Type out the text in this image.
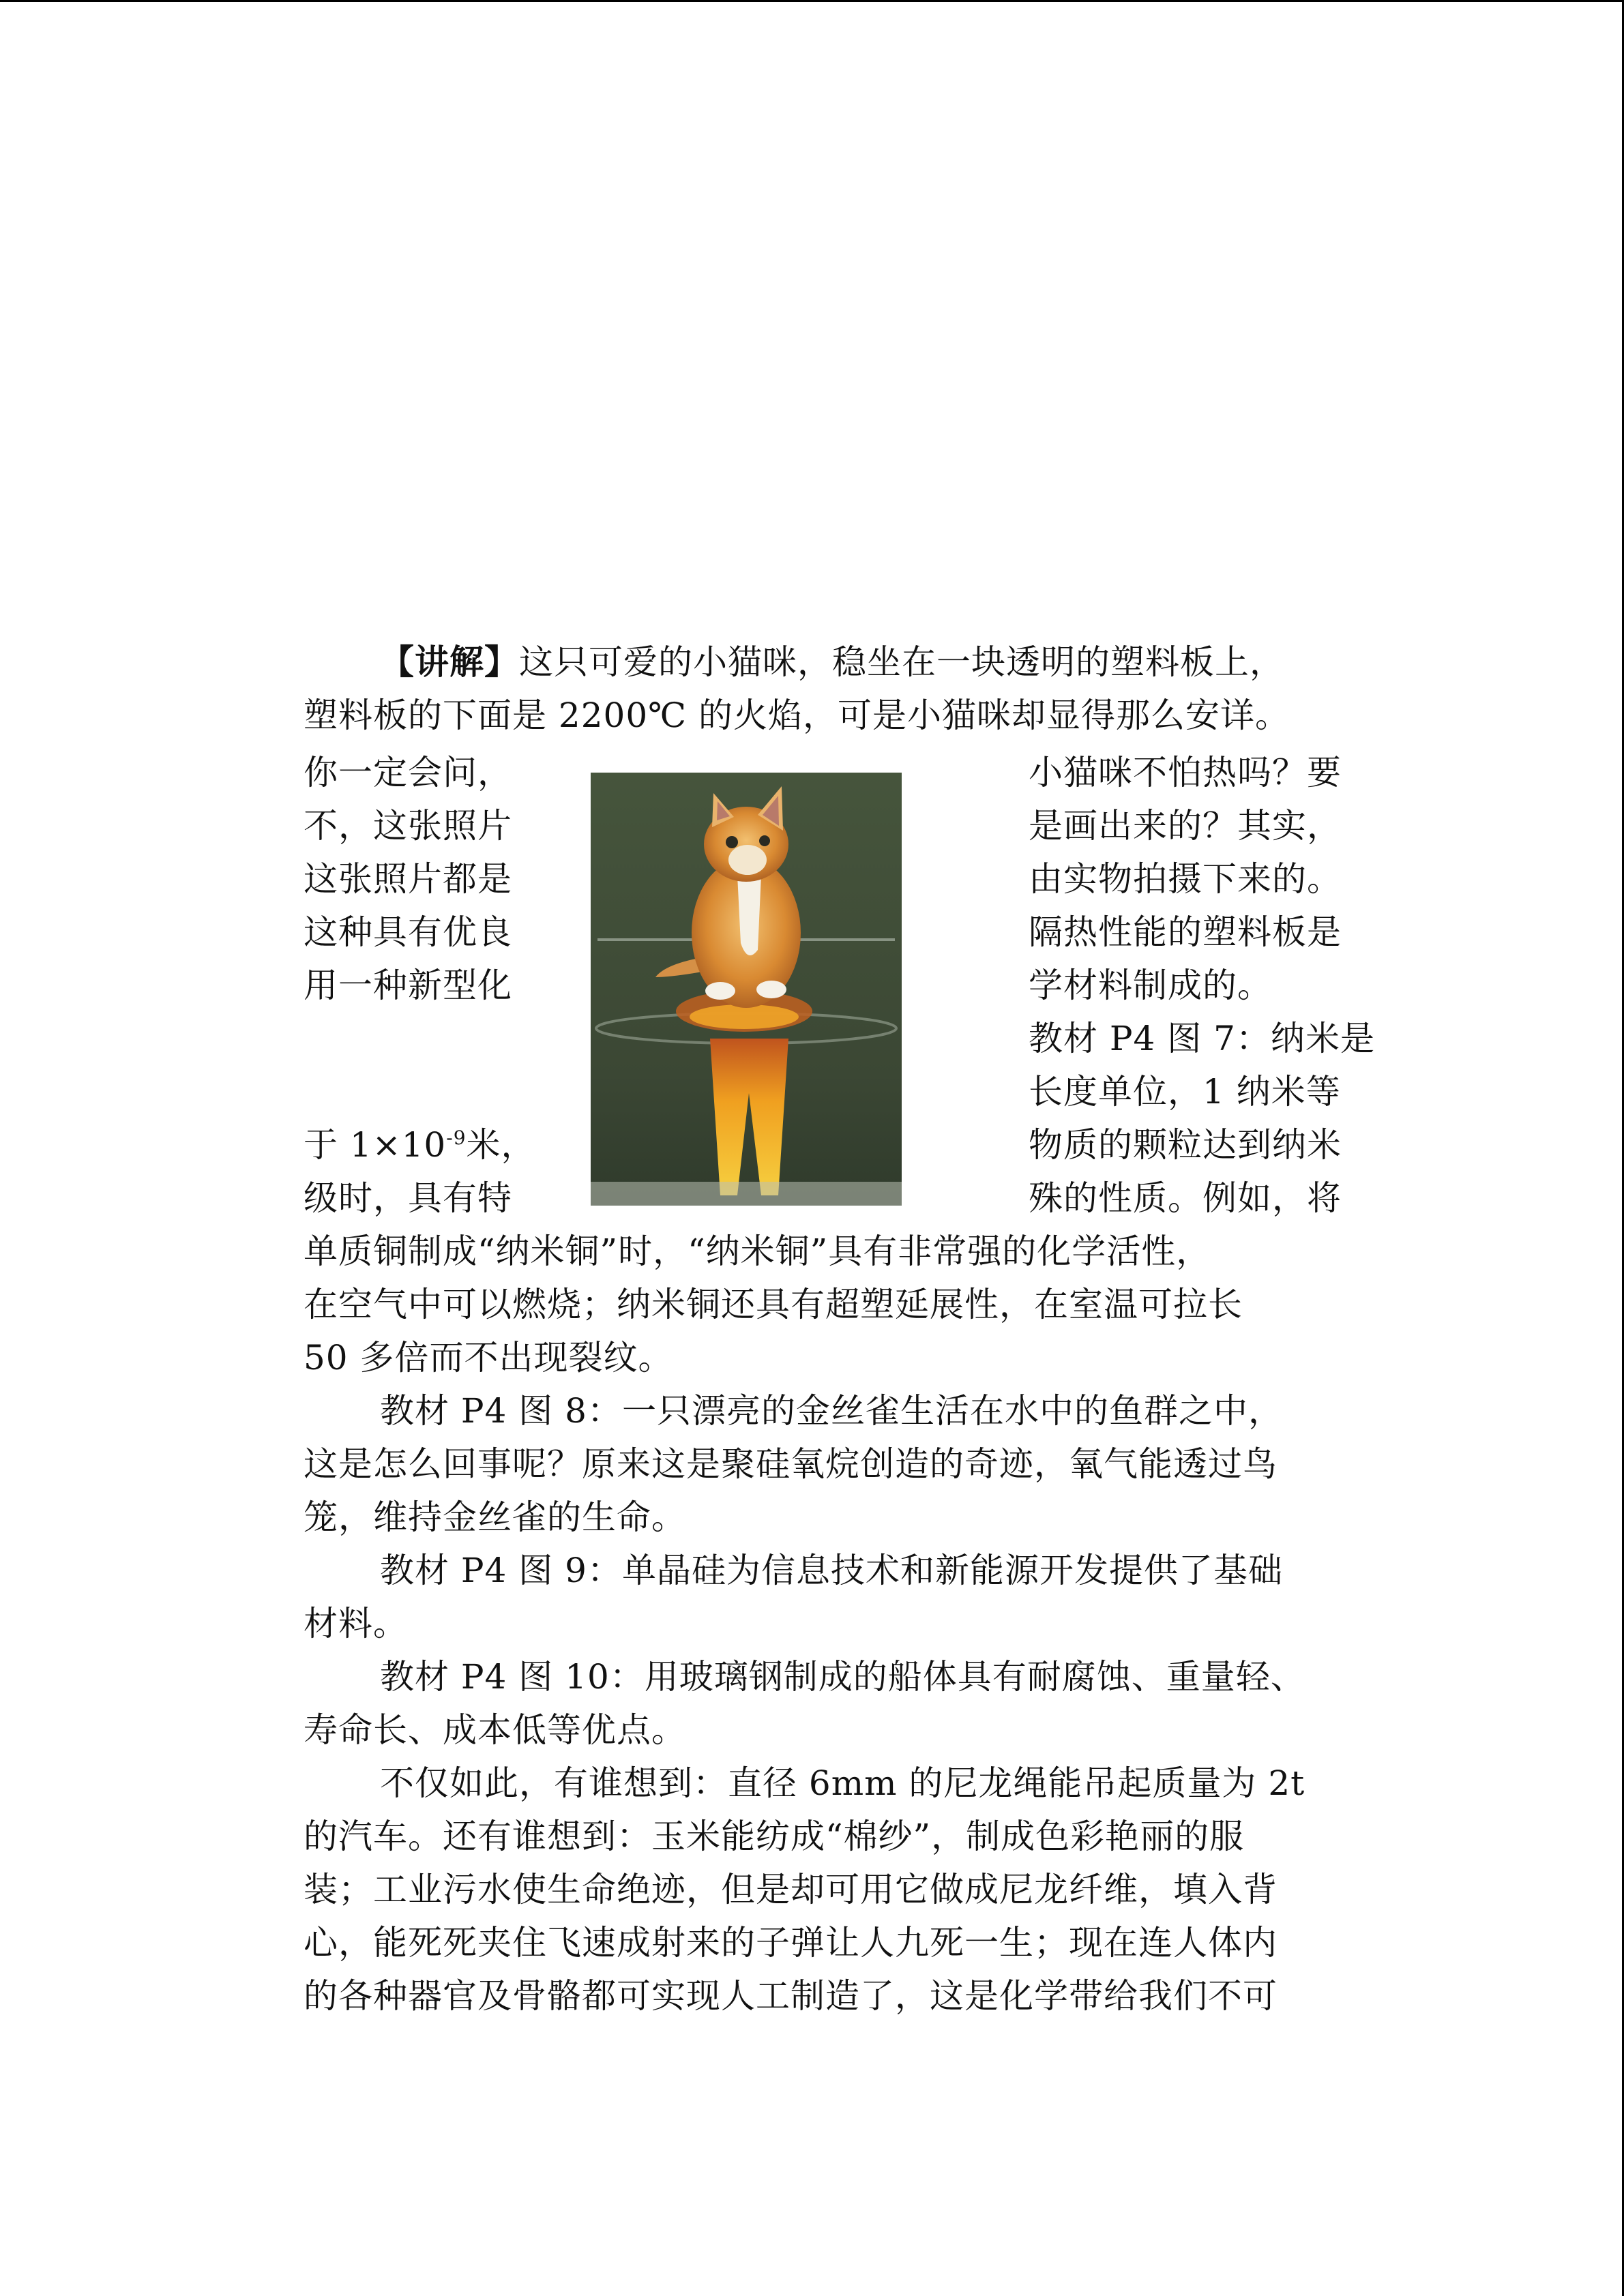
【讲解】这只可爱的小猫咪，稳坐在一块透明的塑料板上，
塑料板的下面是 2200℃ 的火焰，可是小猫咪却显得那么安详。
你一定会问，
不，这张照片
这张照片都是
这种具有优良
用一种新型化
于 $1\times 10^{-9}$米，
级时，具有特
小猫咪不怕热吗？要
是画出来的？其实，
由实物拍摄下来的。
隔热性能的塑料板是
学材料制成的。
教材 P4 图 7：纳米是
长度单位，1 纳米等
物质的颗粒达到纳米
殊的性质。例如，将
单质铜制成“纳米铜”时，“纳米铜”具有非常强的化学活性，
在空气中可以燃烧；纳米铜还具有超塑延展性，在室温可拉长
50 多倍而不出现裂纹。
教材 P4 图 8：一只漂亮的金丝雀生活在水中的鱼群之中，
这是怎么回事呢？原来这是聚硅氧烷创造的奇迹，氧气能透过鸟
笼，维持金丝雀的生命。
教材 P4 图 9：单晶硅为信息技术和新能源开发提供了基础
材料。
教材 P4 图 10：用玻璃钢制成的船体具有耐腐蚀、重量轻、
寿命长、成本低等优点。
不仅如此，有谁想到：直径 6mm 的尼龙绳能吊起质量为 2t
的汽车。还有谁想到：玉米能纺成“棉纱”，制成色彩艳丽的服
装；工业污水使生命绝迹，但是却可用它做成尼龙纤维，填入背
心，能死死夹住飞速成射来的子弹让人九死一生；现在连人体内
的各种器官及骨骼都可实现人工制造了，这是化学带给我们不可
